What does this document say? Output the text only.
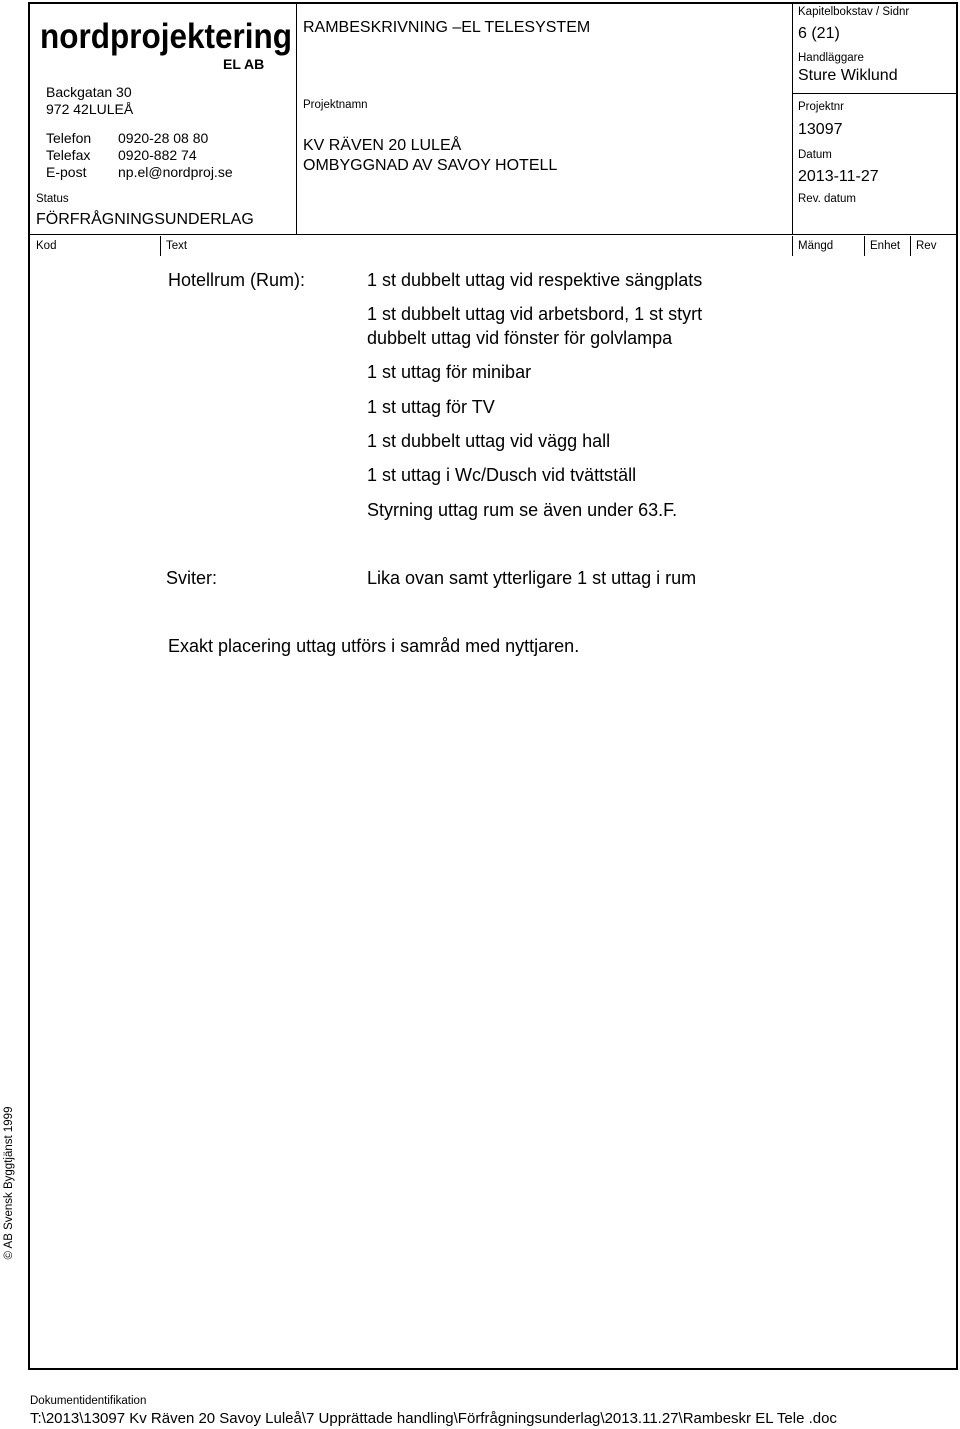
nordprojektering
EL AB
Backgatan 30
972 42LULEÅ
Telefon 0920-28 08 80
Telefax 0920-882 74
E-post np.el@nordproj.se
Status
FÖRFRÅGNINGSUNDERLAG
RAMBESKRIVNING –EL TELESYSTEM
Projektnamn
KV RÄVEN 20 LULEÅ
OMBYGGNAD AV SAVOY HOTELL
Kapitelbokstav / Sidnr
6 (21)
Handläggare
Sture Wiklund
Projektnr
13097
Datum
2013-11-27
Rev. datum
Kod	Text	Mängd	Enhet Rev
Hotellrum (Rum):	1 st dubbelt uttag vid respektive sängplats
1 st dubbelt uttag vid arbetsbord, 1 st styrt
dubbelt uttag vid fönster för golvlampa
1 st uttag för minibar
1 st uttag för TV
1 st dubbelt uttag vid vägg hall
1 st uttag i Wc/Dusch vid tvättställ
Styrning uttag rum se även under 63.F.
Sviter:	Lika ovan samt ytterligare 1 st uttag i rum
Exakt placering uttag utförs i samråd med nyttjaren.
© AB Svensk Byggtjänst 1999
Dokumentidentifikation
T:\2013\13097 Kv Räven 20 Savoy Luleå\7 Upprättade handling\Förfrågningsunderlag\2013.11.27\Rambeskr EL Tele .doc
